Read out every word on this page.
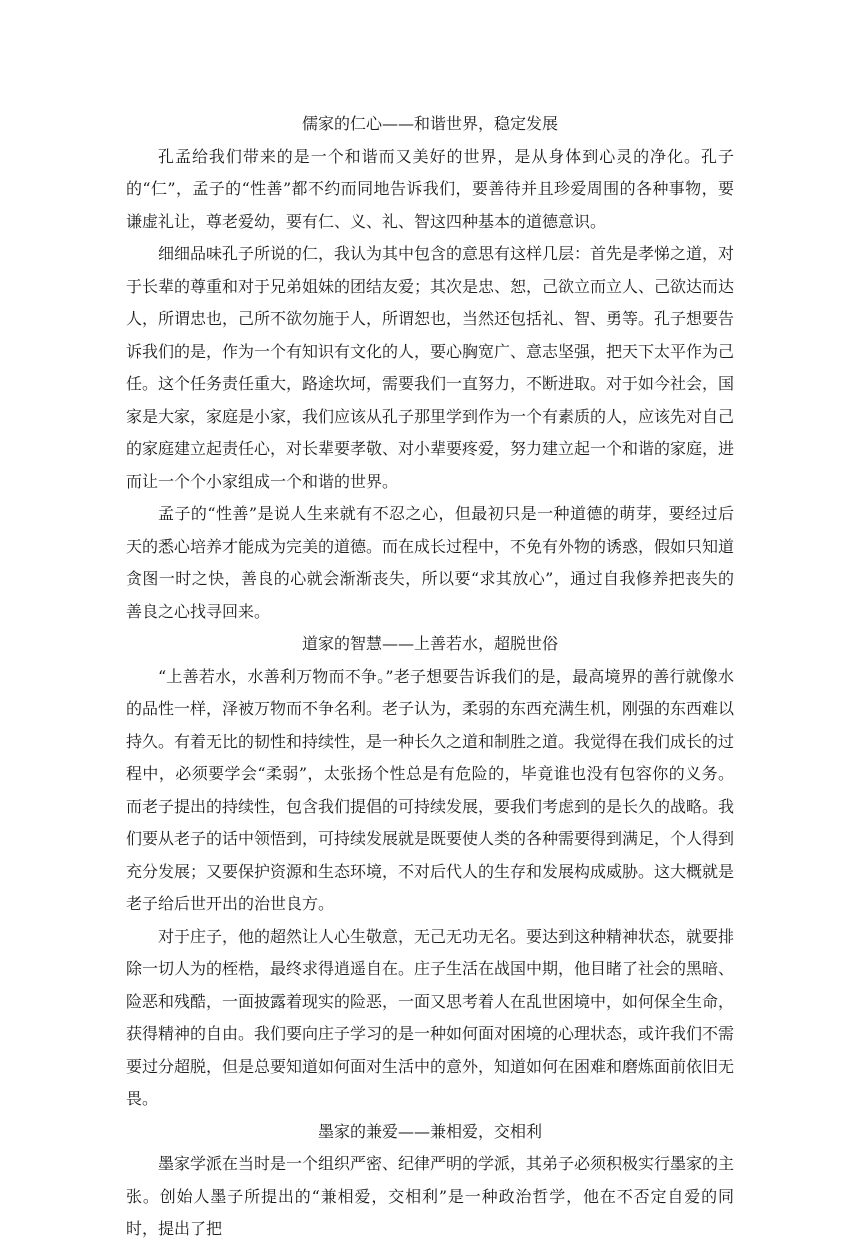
儒家的仁心——和谐世界，稳定发展

孔孟给我们带来的是一个和谐而又美好的世界，是从身体到心灵的净化。孔子的“仁”，孟子的“性善”都不约而同地告诉我们，要善待并且珍爱周围的各种事物，要谦虚礼让，尊老爱幼，要有仁、义、礼、智这四种基本的道德意识。

细细品味孔子所说的仁，我认为其中包含的意思有这样几层：首先是孝悌之道，对于长辈的尊重和对于兄弟姐妹的团结友爱；其次是忠、恕，己欲立而立人、己欲达而达人，所谓忠也，己所不欲勿施于人，所谓恕也，当然还包括礼、智、勇等。孔子想要告诉我们的是，作为一个有知识有文化的人，要心胸宽广、意志坚强，把天下太平作为己任。这个任务责任重大，路途坎坷，需要我们一直努力，不断进取。对于如今社会，国家是大家，家庭是小家，我们应该从孔子那里学到作为一个有素质的人，应该先对自己的家庭建立起责任心，对长辈要孝敬、对小辈要疼爱，努力建立起一个和谐的家庭，进而让一个个小家组成一个和谐的世界。

孟子的“性善”是说人生来就有不忍之心，但最初只是一种道德的萌芽，要经过后天的悉心培养才能成为完美的道德。而在成长过程中，不免有外物的诱惑，假如只知道贪图一时之快，善良的心就会渐渐丧失，所以要“求其放心”，通过自我修养把丧失的善良之心找寻回来。

道家的智慧——上善若水，超脱世俗

“上善若水，水善利万物而不争。”老子想要告诉我们的是，最高境界的善行就像水的品性一样，泽被万物而不争名利。老子认为，柔弱的东西充满生机，刚强的东西难以持久。有着无比的韧性和持续性，是一种长久之道和制胜之道。我觉得在我们成长的过程中，必须要学会“柔弱”，太张扬个性总是有危险的，毕竟谁也没有包容你的义务。而老子提出的持续性，包含我们提倡的可持续发展，要我们考虑到的是长久的战略。我们要从老子的话中领悟到，可持续发展就是既要使人类的各种需要得到满足，个人得到充分发展；又要保护资源和生态环境，不对后代人的生存和发展构成威胁。这大概就是老子给后世开出的治世良方。

对于庄子，他的超然让人心生敬意，无己无功无名。要达到这种精神状态，就要排除一切人为的桎梏，最终求得逍遥自在。庄子生活在战国中期，他目睹了社会的黑暗、险恶和残酷，一面披露着现实的险恶，一面又思考着人在乱世困境中，如何保全生命，获得精神的自由。我们要向庄子学习的是一种如何面对困境的心理状态，或许我们不需要过分超脱，但是总要知道如何面对生活中的意外，知道如何在困难和磨炼面前依旧无畏。

墨家的兼爱——兼相爱，交相利

墨家学派在当时是一个组织严密、纪律严明的学派，其弟子必须积极实行墨家的主张。创始人墨子所提出的“兼相爱，交相利”是一种政治哲学，他在不否定自爱的同时，提出了把
